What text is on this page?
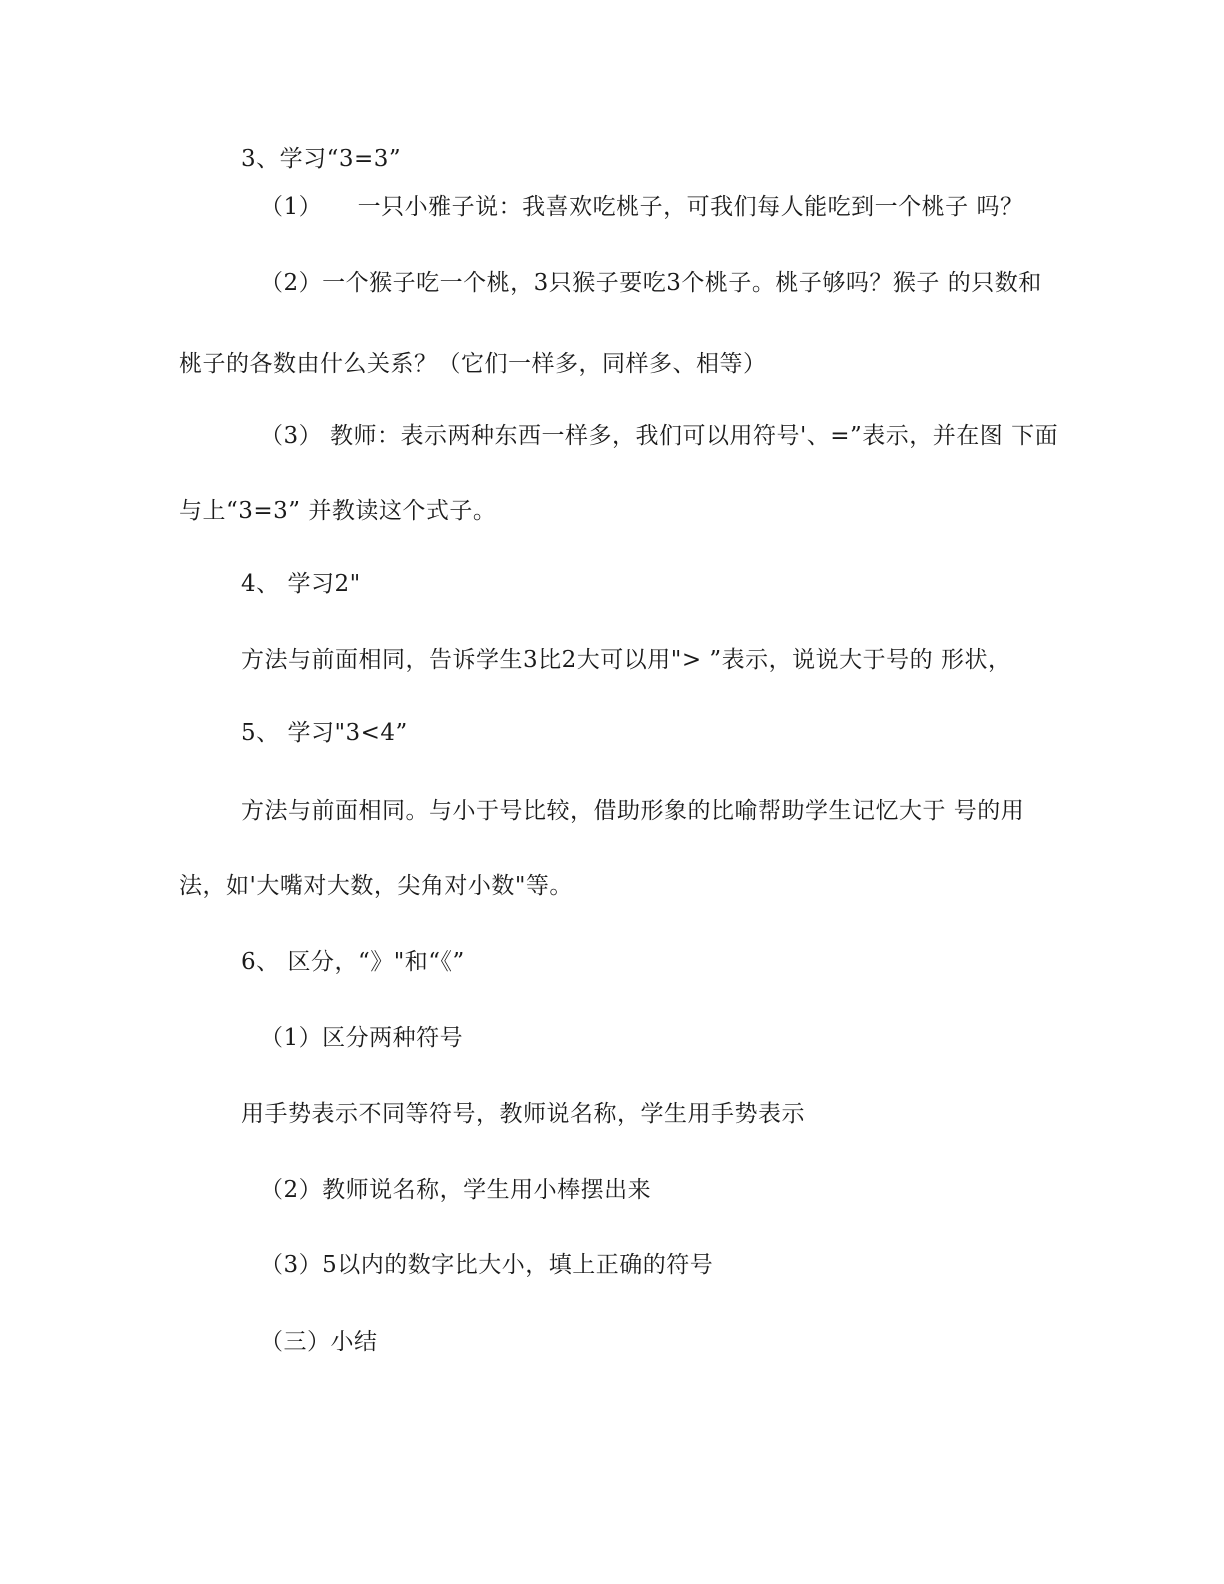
3、学习“3=3”
（1）　　一只小雅子说：我喜欢吃桃子，可我们每人能吃到一个桃子 吗？
（2）一个猴子吃一个桃，3只猴子要吃3个桃子。桃子够吗？猴子 的只数和
桃子的各数由什么关系？（它们一样多，同样多、相等）
（3） 教师：表示两种东西一样多，我们可以用符号'、=”表示，并在图 下面
与上“3=3” 并教读这个式子。
4、 学习2"
方法与前面相同，告诉学生3比2大可以用"> ”表示，说说大于号的 形状，
5、 学习"3<4”
方法与前面相同。与小于号比较，借助形象的比喻帮助学生记忆大于 号的用
法，如'大嘴对大数，尖角对小数"等。
6、 区分，“》"和“《”
（1）区分两种符号
用手势表示不同等符号，教师说名称，学生用手势表示
（2）教师说名称，学生用小棒摆出来
（3）5以内的数字比大小，填上正确的符号
（三）小结
